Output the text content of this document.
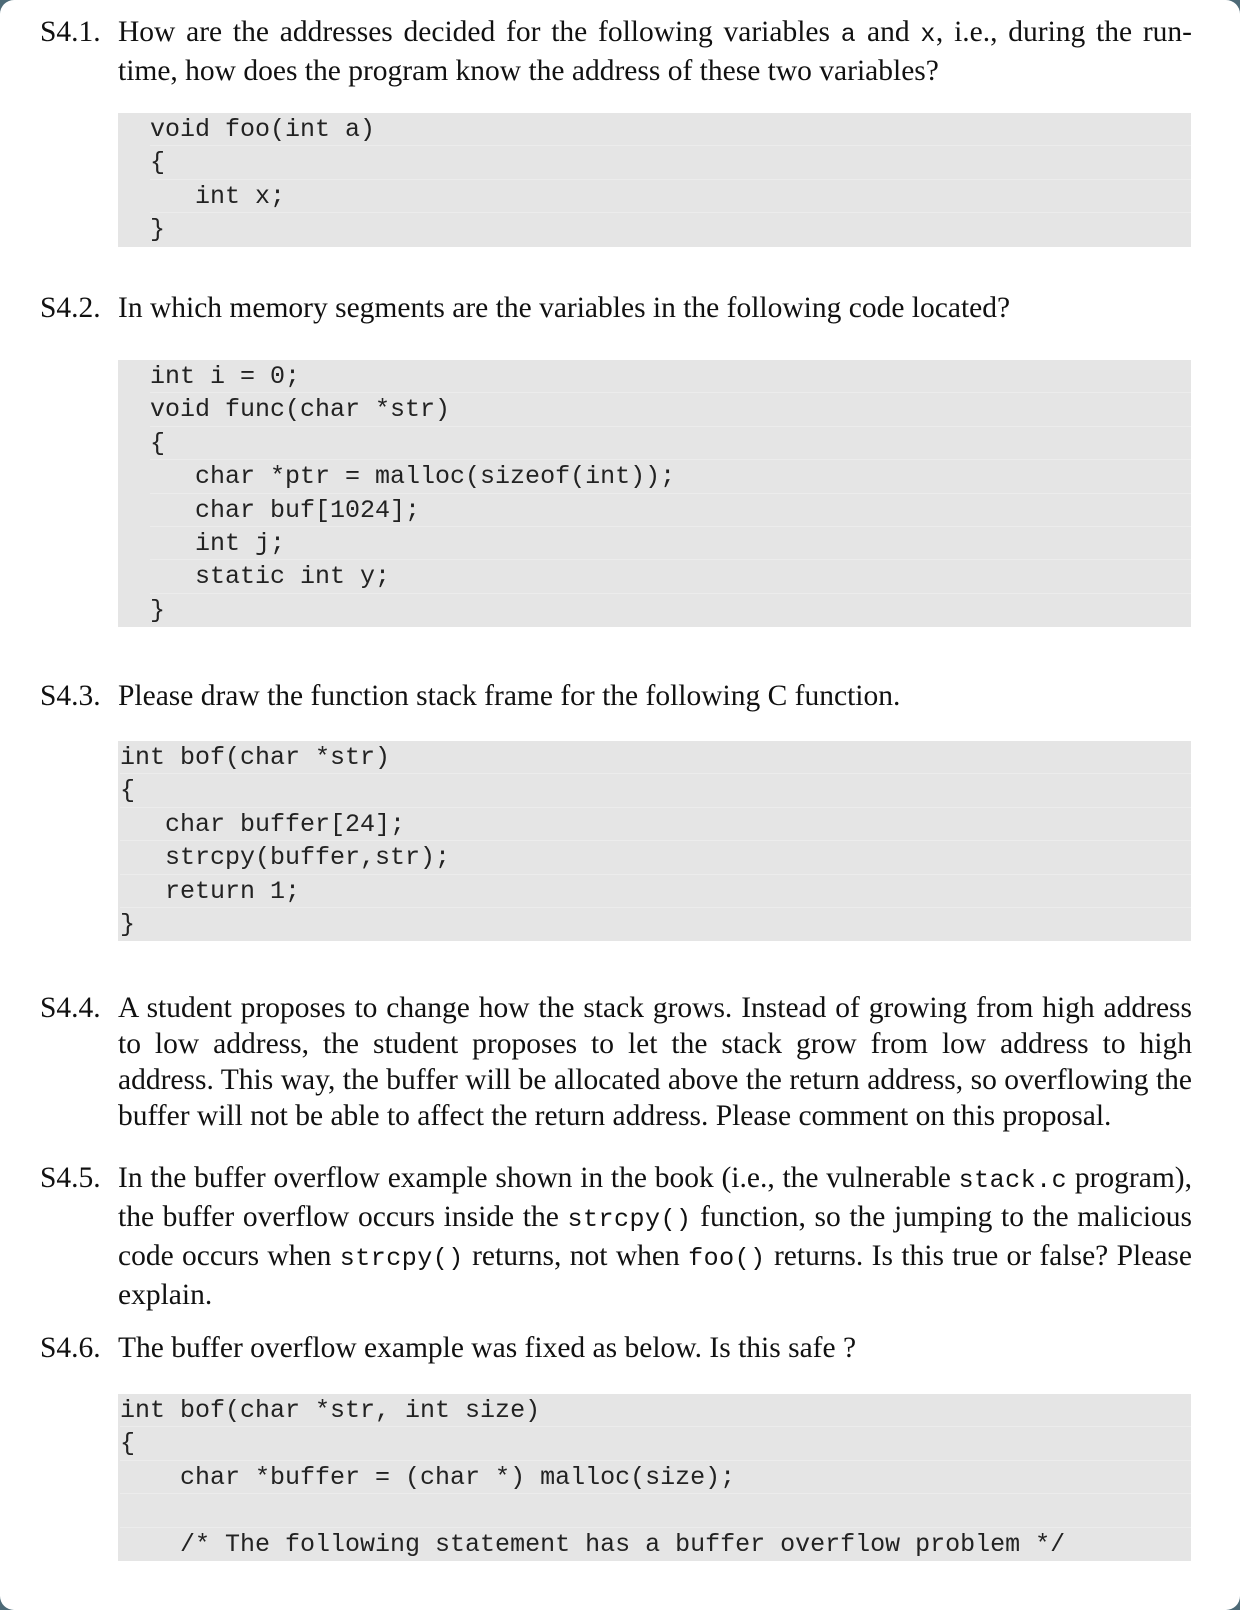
S4.1. How are the addresses decided for the following variables a and x, i.e., during the run-time, how does the program know the address of these two variables?
void foo(int a)
{
int x;
}
S4.2. In which memory segments are the variables in the following code located?
int i = 0;
void func(char *str)
{
char *ptr = malloc(sizeof(int));
char buf[1024];
int j;
static int y;
}
S4.3. Please draw the function stack frame for the following C function.
int bof(char *str)
{
char buffer[24];
strcpy(buffer,str);
return 1;
}
S4.4. A student proposes to change how the stack grows. Instead of growing from high address to low address, the student proposes to let the stack grow from low address to high address. This way, the buffer will be allocated above the return address, so overflowing the buffer will not be able to affect the return address. Please comment on this proposal.
S4.5. In the buffer overflow example shown in the book (i.e., the vulnerable stack.c program), the buffer overflow occurs inside the strcpy() function, so the jumping to the malicious code occurs when strcpy() returns, not when foo() returns. Is this true or false? Please explain.
S4.6. The buffer overflow example was fixed as below. Is this safe ?
int bof(char *str, int size)
{
char *buffer = (char *) malloc(size);
/* The following statement has a buffer overflow problem */
